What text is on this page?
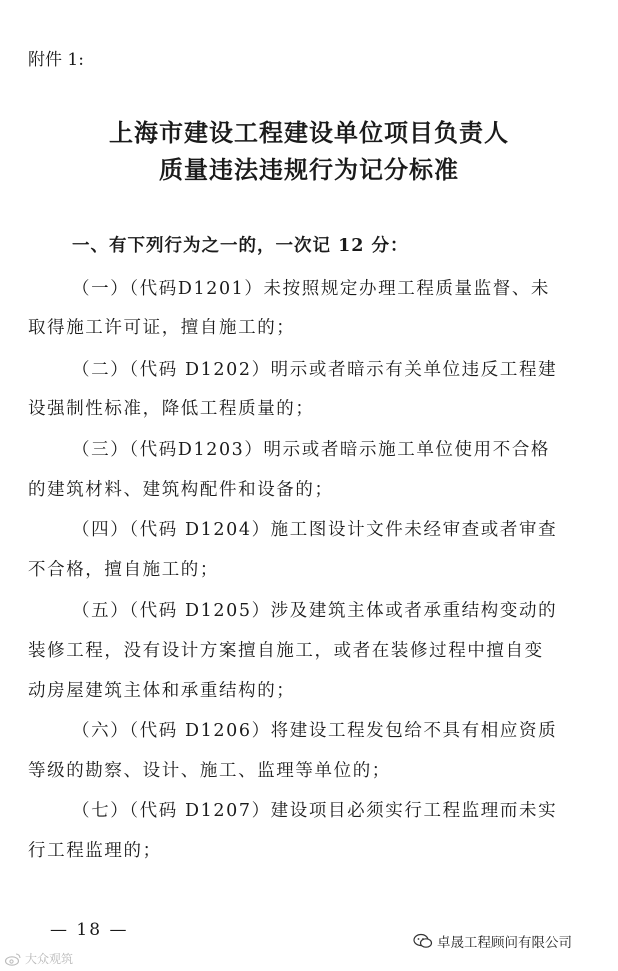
附件 1:
上海市建设工程建设单位项目负责人
质量违法违规行为记分标准
一、有下列行为之一的，一次记 12 分：
（一）（代码D1201）未按照规定办理工程质量监督、未
取得施工许可证，擅自施工的；
（二）（代码 D1202）明示或者暗示有关单位违反工程建
设强制性标准，降低工程质量的；
（三）（代码D1203）明示或者暗示施工单位使用不合格
的建筑材料、建筑构配件和设备的；
（四）（代码 D1204）施工图设计文件未经审查或者审查
不合格，擅自施工的；
（五）（代码 D1205）涉及建筑主体或者承重结构变动的
装修工程，没有设计方案擅自施工，或者在装修过程中擅自变
动房屋建筑主体和承重结构的；
（六）（代码 D1206）将建设工程发包给不具有相应资质
等级的勘察、设计、施工、监理等单位的；
（七）（代码 D1207）建设项目必须实行工程监理而未实
行工程监理的；
— 18 —
卓晟工程顾问有限公司
大众观筑
